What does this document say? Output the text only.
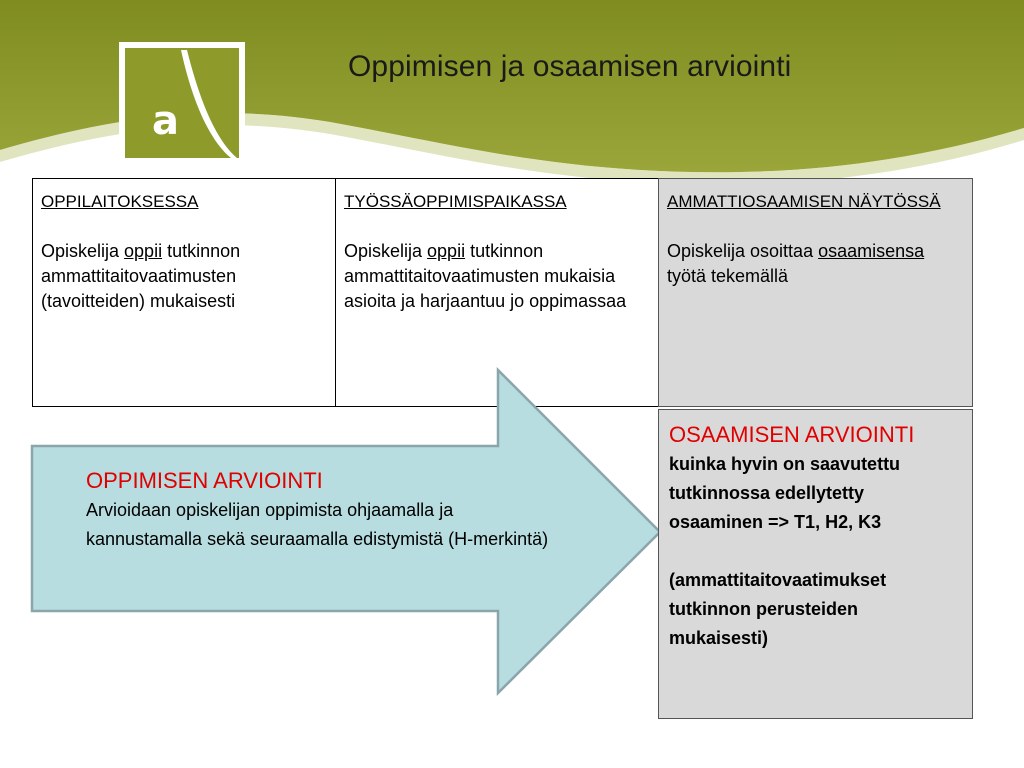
a
Oppimisen ja osaamisen arviointi
OPPILAITOKSESSA
Opiskelija oppii tutkinnon ammattitaitovaatimusten (tavoitteiden) mukaisesti
TYÖSSÄOPPIMISPAIKASSA
Opiskelija oppii tutkinnon ammattitaitovaatimusten mukaisia asioita ja harjaantuu jo oppimassaa
AMMATTIOSAAMISEN NÄYTÖSSÄ
Opiskelija osoittaa osaamisensa työtä tekemällä
OPPIMISEN ARVIOINTI
Arvioidaan opiskelijan oppimista ohjaamalla ja kannustamalla sekä seuraamalla edistymistä (H-merkintä)
OSAAMISEN ARVIOINTI
kuinka hyvin on saavutettu tutkinnossa edellytetty osaaminen => T1, H2, K3
(ammattitaitovaatimukset tutkinnon perusteiden mukaisesti)
